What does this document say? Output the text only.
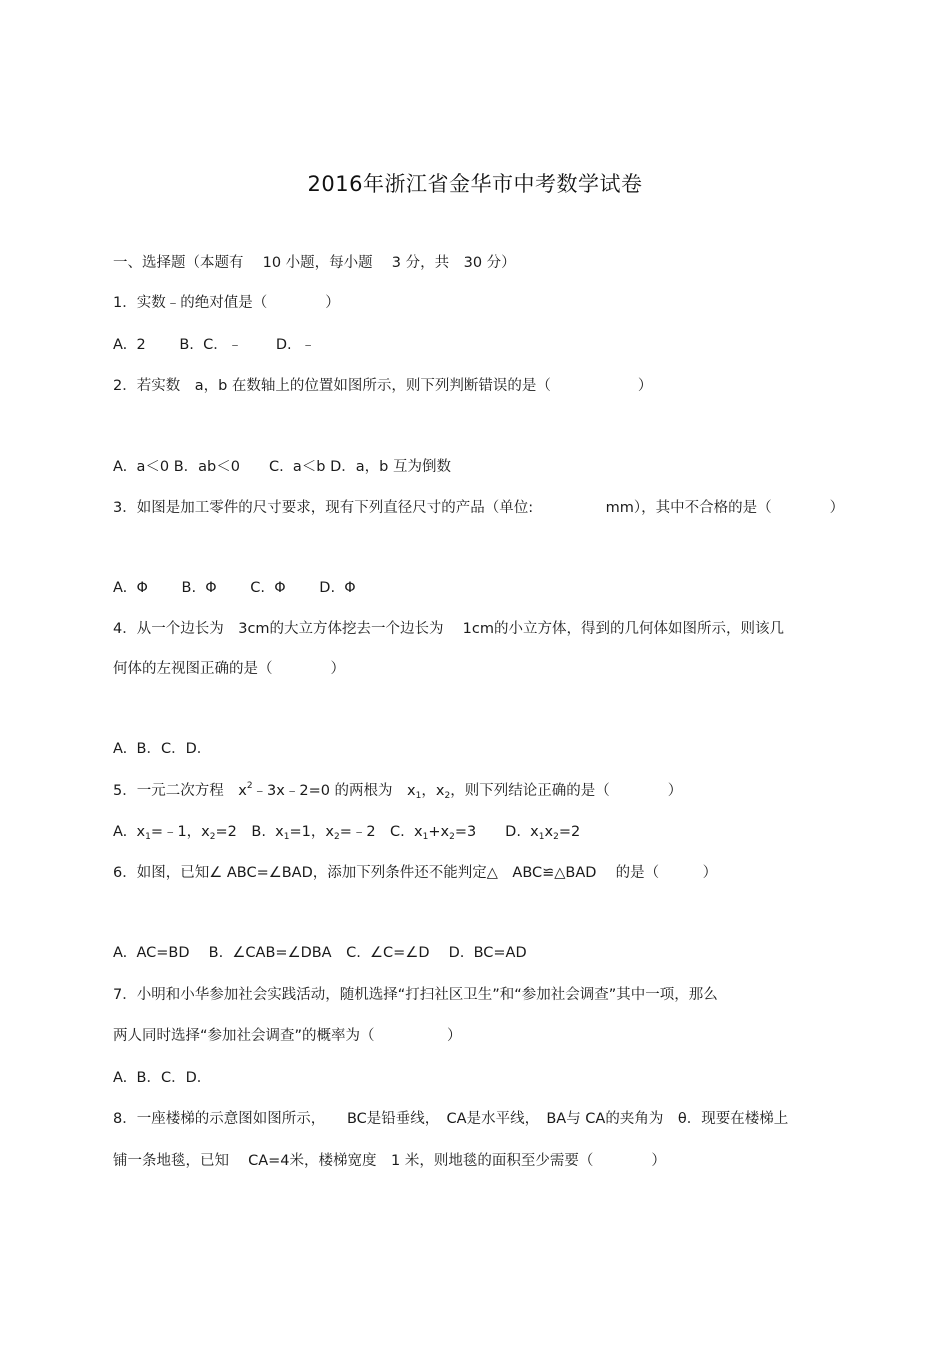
2016年浙江省金华市中考数学试卷
一、选择题（本题有　 10 小题，每小题　 3 分，共　30 分）
1．实数﹣的绝对值是（　　　　）
A.  2　　 B.  C．﹣　　 D.  ﹣
2．若实数　a，b 在数轴上的位置如图所示，则下列判断错误的是（　　　　　　）
A.  a＜0 B．ab＜0　　C.  a＜b D．a，b 互为倒数
3．如图是加工零件的尺寸要求，现有下列直径尺寸的产品（单位:　　　　　mm），其中不合格的是（　　　　）
A.  Φ　　 B.  Φ　　 C.  Φ　　 D.  Φ
4．从一个边长为　3cm的大立方体挖去一个边长为　 1cm的小立方体，得到的几何体如图所示，则该几
何体的左视图正确的是（　　　　）
A.  B．C．D．
5．一元二次方程　$x^2﹣3x﹣2=0$ 的两根为　$x_1$，$x_2$，则下列结论正确的是（　　　　）
A.  $x_1=﹣1$，$x_2=2$　B.  $x_1=1$，$x_2=﹣2$　C.  $x_1+x_2=3$　　D.  $x_1x_2=2$
6．如图，已知∠ ABC=∠BAD，添加下列条件还不能判定△　ABC≌△BAD　 的是（　　　）
A.  AC=BD　 B.  ∠CAB=∠DBA　C.  ∠C=∠D　 D.  BC=AD
7．小明和小华参加社会实践活动，随机选择“打扫社区卫生”和“参加社会调查”其中一项，那么
两人同时选择“参加社会调查”的概率为（　　　　　）
A.  B．C．D．
8．一座楼梯的示意图如图所示，　　BC是铅垂线，　CA是水平线，　BA与 CA的夹角为　θ．现要在楼梯上
铺一条地毯，已知　 CA=4米，楼梯宽度　1 米，则地毯的面积至少需要（　　　　）
